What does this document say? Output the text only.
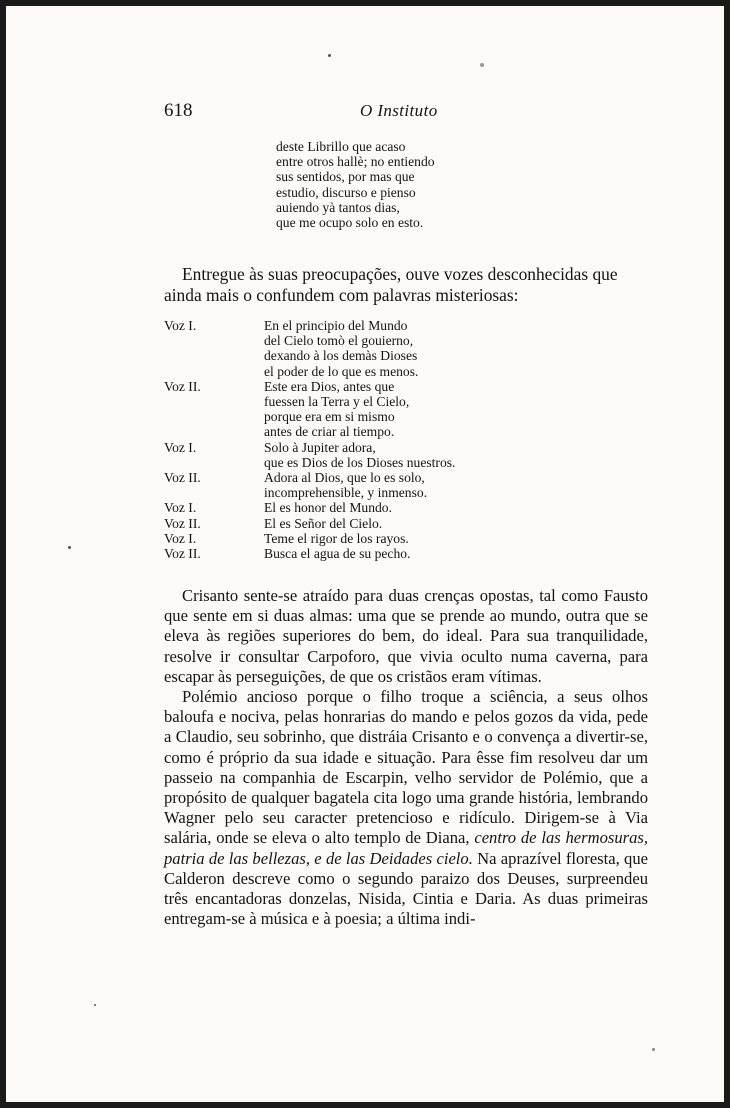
618	O Instituto
deste Librillo que acaso
entre otros hallè; no entiendo
sus sentidos, por mas que
estudio, discurso e pienso
auiendo yà tantos dias,
que me ocupo solo en esto.

Entregue às suas preocupações, ouve vozes desconhecidas que ainda mais o confundem com palavras misteriosas:

Voz I.	En el principio del Mundo
del Cielo tomò el gouierno,
dexando à los demàs Dioses
el poder de lo que es menos.
Voz II.	Este era Dios, antes que
fuessen la Terra y el Cielo,
porque era em si mismo
antes de criar al tiempo.
Voz I.	Solo à Jupiter adora,
que es Dios de los Dioses nuestros.
Voz II.	Adora al Dios, que lo es solo,
incomprehensible, y inmenso.
Voz I.	El es honor del Mundo.
Voz II.	El es Señor del Cielo.
Voz I.	Teme el rigor de los rayos.
Voz II.	Busca el agua de su pecho.

Crisanto sente-se atraído para duas crenças opostas, tal como Fausto que sente em si duas almas: uma que se prende ao mundo, outra que se eleva às regiões superiores do bem, do ideal. Para sua tranquilidade, resolve ir consultar Carpoforo, que vivia oculto numa caverna, para escapar às perseguições, de que os cristãos eram vítimas.

Polémio ancioso porque o filho troque a sciência, a seus olhos baloufa e nociva, pelas honrarias do mando e pelos gozos da vida, pede a Claudio, seu sobrinho, que distráia Crisanto e o convença a divertir-se, como é próprio da sua idade e situação. Para êsse fim resolveu dar um passeio na companhia de Escarpin, velho servidor de Polémio, que a propósito de qualquer bagatela cita logo uma grande história, lembrando Wagner pelo seu caracter pretencioso e ridículo. Dirigem-se à Via salária, onde se eleva o alto templo de Diana, centro de las hermosuras, patria de las bellezas, e de las Deidades cielo. Na aprazível floresta, que Calderon descreve como o segundo paraizo dos Deuses, surpreendeu três encantadoras donzelas, Nisida, Cintia e Daria. As duas primeiras entregam-se à música e à poesia; a última indi-
